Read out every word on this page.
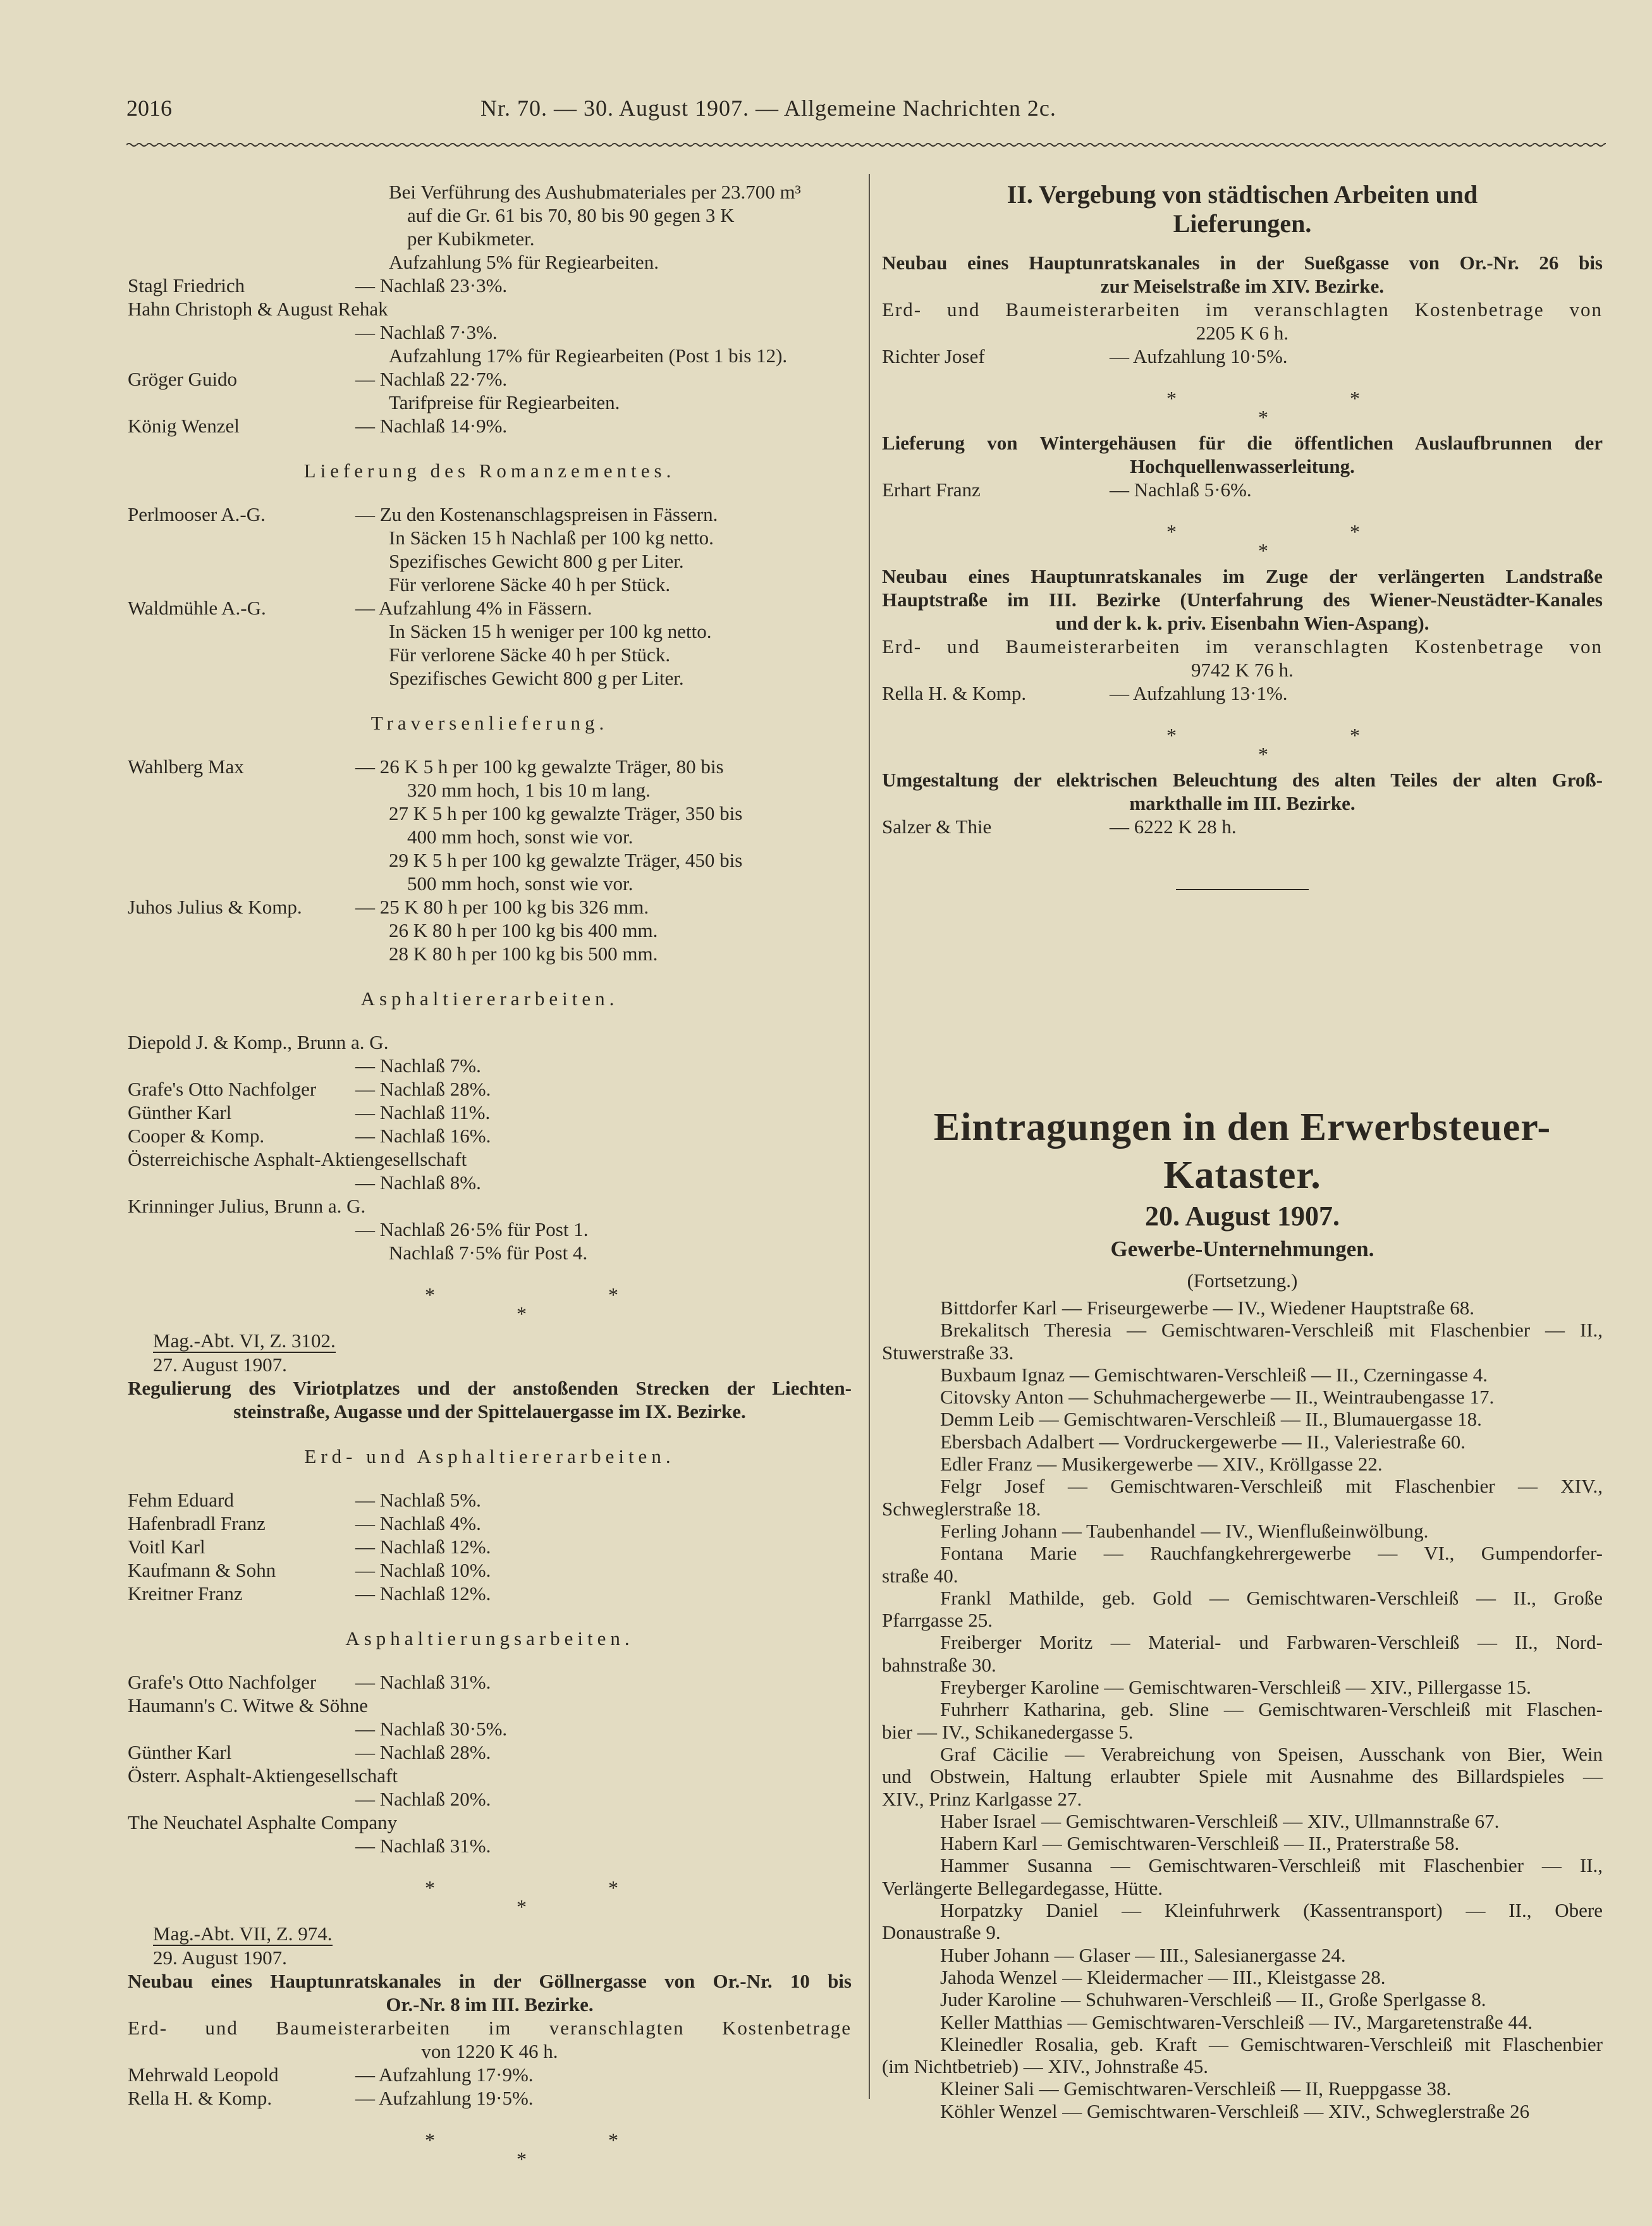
2016	Nr. 70. — 30. August 1907. — Allgemeine Nachrichten 2c.
Bei Verführung des Aushubmateriales per 23.700 m³
auf die Gr. 61 bis 70, 80 bis 90 gegen 3 K
per Kubikmeter.
Aufzahlung 5% für Regiearbeiten.
Stagl Friedrich	— Nachlaß 23·3%.
Hahn Christoph & August Rehak
— Nachlaß 7·3%.
Aufzahlung 17% für Regiearbeiten (Post 1 bis 12).
Gröger Guido	— Nachlaß 22·7%.
Tarifpreise für Regiearbeiten.
König Wenzel	— Nachlaß 14·9%.
Lieferung des Romanzementes.
Perlmooser A.-G.	— Zu den Kostenanschlagspreisen in Fässern.
In Säcken 15 h Nachlaß per 100 kg netto.
Spezifisches Gewicht 800 g per Liter.
Für verlorene Säcke 40 h per Stück.
Waldmühle A.-G.	— Aufzahlung 4% in Fässern.
In Säcken 15 h weniger per 100 kg netto.
Für verlorene Säcke 40 h per Stück.
Spezifisches Gewicht 800 g per Liter.
Traversenlieferung.
Wahlberg Max	— 26 K 5 h per 100 kg gewalzte Träger, 80 bis
320 mm hoch, 1 bis 10 m lang.
27 K 5 h per 100 kg gewalzte Träger, 350 bis
400 mm hoch, sonst wie vor.
29 K 5 h per 100 kg gewalzte Träger, 450 bis
500 mm hoch, sonst wie vor.
Juhos Julius & Komp.	— 25 K 80 h per 100 kg bis 326 mm.
26 K 80 h per 100 kg bis 400 mm.
28 K 80 h per 100 kg bis 500 mm.
Asphaltiererarbeiten.
Diepold J. & Komp., Brunn a. G.
— Nachlaß 7%.
Grafe's Otto Nachfolger — Nachlaß 28%.
Günther Karl	— Nachlaß 11%.
Cooper & Komp.	— Nachlaß 16%.
Österreichische Asphalt-Aktiengesellschaft
— Nachlaß 8%.
Krinninger Julius, Brunn a. G.
— Nachlaß 26·5% für Post 1.
Nachlaß 7·5% für Post 4.
*	*
*
Mag.-Abt. VI, Z. 3102.
27. August 1907.
Regulierung des Viriotplatzes und der anstoßenden Strecken der Liechten-
steinstraße, Augasse und der Spittelauergasse im IX. Bezirke.
Erd- und Asphaltiererarbeiten.
Fehm Eduard	— Nachlaß 5%.
Hafenbradl Franz	— Nachlaß 4%.
Voitl Karl	— Nachlaß 12%.
Kaufmann & Sohn	— Nachlaß 10%.
Kreitner Franz	— Nachlaß 12%.
Asphaltierungsarbeiten.
Grafe's Otto Nachfolger — Nachlaß 31%.
Haumann's C. Witwe & Söhne
— Nachlaß 30·5%.
Günther Karl	— Nachlaß 28%.
Österr. Asphalt-Aktiengesellschaft
— Nachlaß 20%.
The Neuchatel Asphalte Company
— Nachlaß 31%.
*	*
*
Mag.-Abt. VII, Z. 974.
29. August 1907.
Neubau eines Hauptunratskanales in der Göllnergasse von Or.-Nr. 10 bis
Or.-Nr. 8 im III. Bezirke.
Erd- und Baumeisterarbeiten im veranschlagten Kostenbetrage
von 1220 K 46 h.
Mehrwald Leopold	— Aufzahlung 17·9%.
Rella H. & Komp.	— Aufzahlung 19·5%.
*	*
*
II. Vergebung von städtischen Arbeiten und
Lieferungen.
Neubau eines Hauptunratskanales in der Sueßgasse von Or.-Nr. 26 bis
zur Meiselstraße im XIV. Bezirke.
Erd- und Baumeisterarbeiten im veranschlagten Kostenbetrage von
2205 K 6 h.
Richter Josef	— Aufzahlung 10·5%.
*	*
*
Lieferung von Wintergehäusen für die öffentlichen Auslaufbrunnen der
Hochquellenwasserleitung.
Erhart Franz	— Nachlaß 5·6%.
*	*
*
Neubau eines Hauptunratskanales im Zuge der verlängerten Landstraße
Hauptstraße im III. Bezirke (Unterfahrung des Wiener-Neustädter-Kanales
und der k. k. priv. Eisenbahn Wien-Aspang).
Erd- und Baumeisterarbeiten im veranschlagten Kostenbetrage von
9742 K 76 h.
Rella H. & Komp.	— Aufzahlung 13·1%.
*	*
*
Umgestaltung der elektrischen Beleuchtung des alten Teiles der alten Groß-
markthalle im III. Bezirke.
Salzer & Thie	— 6222 K 28 h.
Eintragungen in den Erwerbsteuer-Kataster.
20. August 1907.
Gewerbe-Unternehmungen.
(Fortsetzung.)
Bittdorfer Karl — Friseurgewerbe — IV., Wiedener Hauptstraße 68.
Brekalitsch Theresia — Gemischtwaren-Verschleiß mit Flaschenbier — II.,
Stuwerstraße 33.
Buxbaum Ignaz — Gemischtwaren-Verschleiß — II., Czerningasse 4.
Citovsky Anton — Schuhmachergewerbe — II., Weintraubengasse 17.
Demm Leib — Gemischtwaren-Verschleiß — II., Blumauergasse 18.
Ebersbach Adalbert — Vordruckergewerbe — II., Valeriestraße 60.
Edler Franz — Musikergewerbe — XIV., Kröllgasse 22.
Felgr Josef — Gemischtwaren-Verschleiß mit Flaschenbier — XIV.,
Schweglerstraße 18.
Ferling Johann — Taubenhandel — IV., Wienflußeinwölbung.
Fontana Marie — Rauchfangkehrergewerbe — VI., Gumpendorfer-
straße 40.
Frankl Mathilde, geb. Gold — Gemischtwaren-Verschleiß — II., Große
Pfarrgasse 25.
Freiberger Moritz — Material- und Farbwaren-Verschleiß — II., Nord-
bahnstraße 30.
Freyberger Karoline — Gemischtwaren-Verschleiß — XIV., Pillergasse 15.
Fuhrherr Katharina, geb. Sline — Gemischtwaren-Verschleiß mit Flaschen-
bier — IV., Schikanedergasse 5.
Graf Cäcilie — Verabreichung von Speisen, Ausschank von Bier, Wein
und Obstwein, Haltung erlaubter Spiele mit Ausnahme des Billardspieles —
XIV., Prinz Karlgasse 27.
Haber Israel — Gemischtwaren-Verschleiß — XIV., Ullmannstraße 67.
Habern Karl — Gemischtwaren-Verschleiß — II., Praterstraße 58.
Hammer Susanna — Gemischtwaren-Verschleiß mit Flaschenbier — II.,
Verlängerte Bellegardegasse, Hütte.
Horpatzky Daniel — Kleinfuhrwerk (Kassentransport) — II., Obere
Donaustraße 9.
Huber Johann — Glaser — III., Salesianergasse 24.
Jahoda Wenzel — Kleidermacher — III., Kleistgasse 28.
Juder Karoline — Schuhwaren-Verschleiß — II., Große Sperlgasse 8.
Keller Matthias — Gemischtwaren-Verschleiß — IV., Margaretenstraße 44.
Kleinedler Rosalia, geb. Kraft — Gemischtwaren-Verschleiß mit Flaschenbier
(im Nichtbetrieb) — XIV., Johnstraße 45.
Kleiner Sali — Gemischtwaren-Verschleiß — II, Rueppgasse 38.
Köhler Wenzel — Gemischtwaren-Verschleiß — XIV., Schweglerstraße 26
